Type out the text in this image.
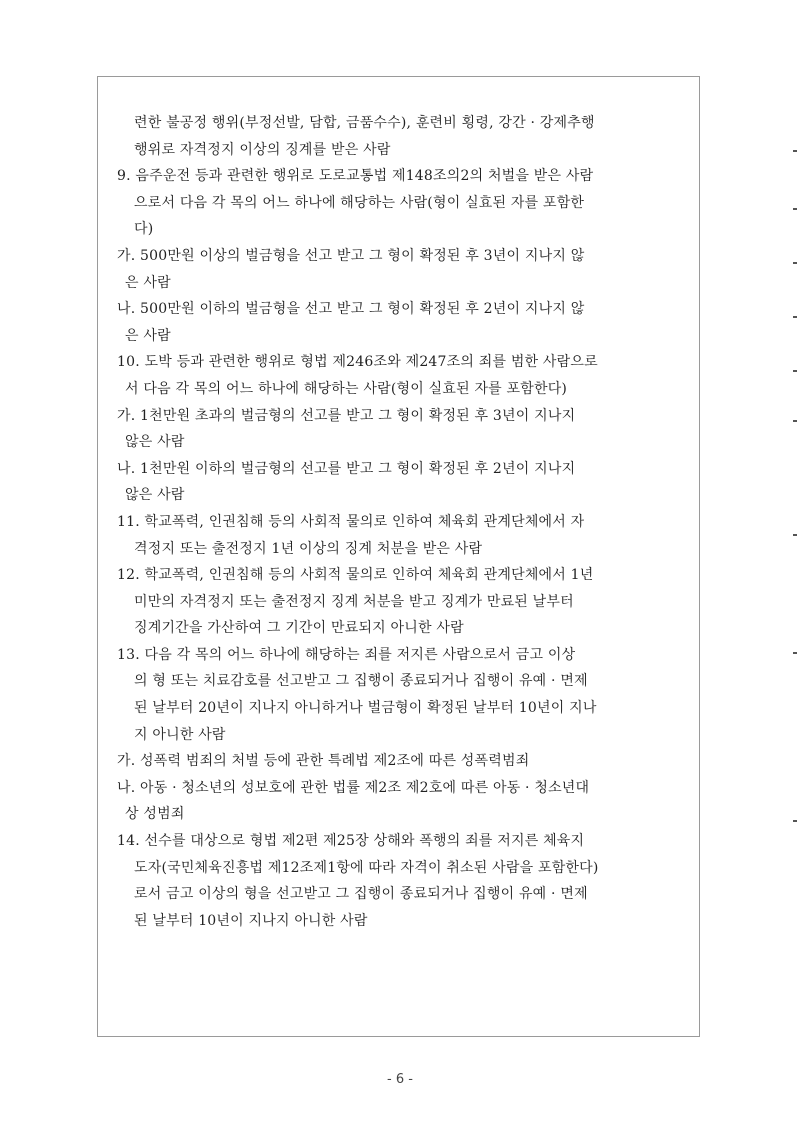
련한 불공정 행위(부정선발, 담합, 금품수수), 훈련비 횡령, 강간 · 강제추행
행위로 자격정지 이상의 징계를 받은 사람
9. 음주운전 등과 관련한 행위로 도로교통법 제148조의2의 처벌을 받은 사람
으로서 다음 각 목의 어느 하나에 해당하는 사람(형이 실효된 자를 포함한
다)
가. 500만원 이상의 벌금형을 선고 받고 그 형이 확정된 후 3년이 지나지 않
은 사람
나. 500만원 이하의 벌금형을 선고 받고 그 형이 확정된 후 2년이 지나지 않
은 사람
10. 도박 등과 관련한 행위로 형법 제246조와 제247조의 죄를 범한 사람으로
서 다음 각 목의 어느 하나에 해당하는 사람(형이 실효된 자를 포함한다)
가. 1천만원 초과의 벌금형의 선고를 받고 그 형이 확정된 후 3년이 지나지
않은 사람
나. 1천만원 이하의 벌금형의 선고를 받고 그 형이 확정된 후 2년이 지나지
않은 사람
11. 학교폭력, 인권침해 등의 사회적 물의로 인하여 체육회 관계단체에서 자
격정지 또는 출전정지 1년 이상의 징계 처분을 받은 사람
12. 학교폭력, 인권침해 등의 사회적 물의로 인하여 체육회 관계단체에서 1년
미만의 자격정지 또는 출전정지 징계 처분을 받고 징계가 만료된 날부터
징계기간을 가산하여 그 기간이 만료되지 아니한 사람
13. 다음 각 목의 어느 하나에 해당하는 죄를 저지른 사람으로서 금고 이상
의 형 또는 치료감호를 선고받고 그 집행이 종료되거나 집행이 유예 · 면제
된 날부터 20년이 지나지 아니하거나 벌금형이 확정된 날부터 10년이 지나
지 아니한 사람
가. 성폭력 범죄의 처벌 등에 관한 특례법 제2조에 따른 성폭력범죄
나. 아동 · 청소년의 성보호에 관한 법률 제2조 제2호에 따른 아동 · 청소년대
상 성범죄
14. 선수를 대상으로 형법 제2편 제25장 상해와 폭행의 죄를 저지른 체육지
도자(국민체육진흥법 제12조제1항에 따라 자격이 취소된 사람을 포함한다)
로서 금고 이상의 형을 선고받고 그 집행이 종료되거나 집행이 유예 · 면제
된 날부터 10년이 지나지 아니한 사람
- 6 -
